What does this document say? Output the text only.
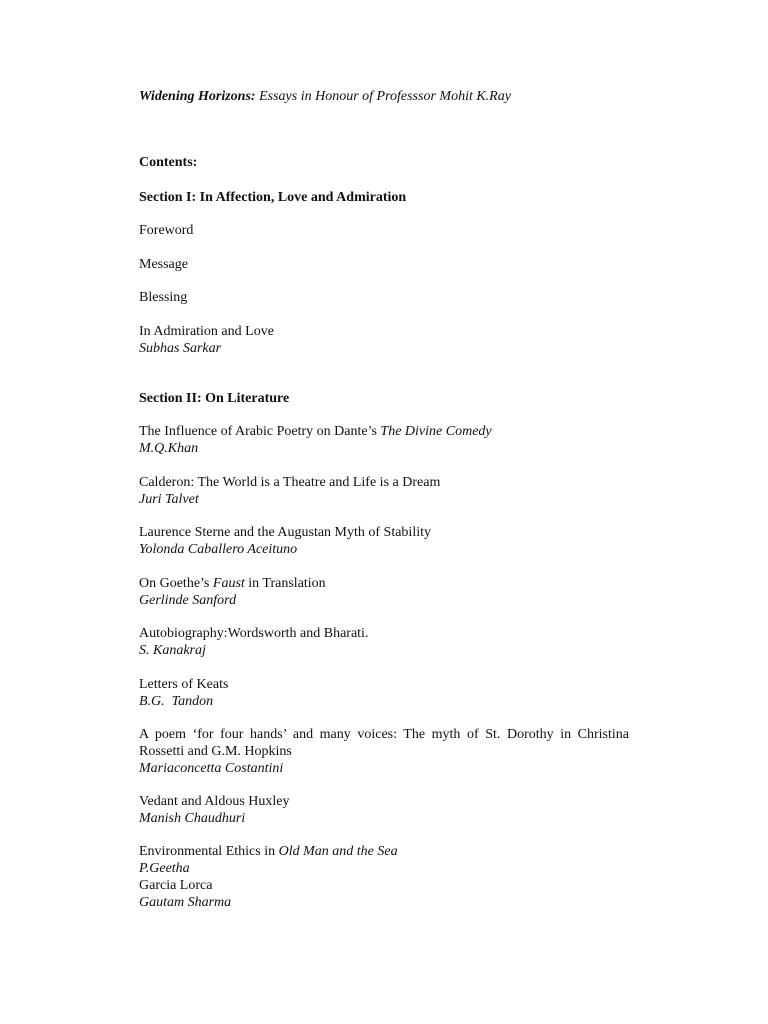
Widening Horizons: Essays in Honour of Professsor Mohit K.Ray
Contents:
Section I: In Affection, Love and Admiration
Foreword
Message
Blessing
In Admiration and Love
Subhas Sarkar
Section II: On Literature
The Influence of Arabic Poetry on Dante’s The Divine Comedy
M.Q.Khan
Calderon: The World is a Theatre and Life is a Dream
Juri Talvet
Laurence Sterne and the Augustan Myth of Stability
Yolonda Caballero Aceituno
On Goethe’s Faust in Translation
Gerlinde Sanford
Autobiography:Wordsworth and Bharati.
S. Kanakraj
Letters of Keats
B.G.  Tandon
A poem ‘for four hands’ and many voices: The myth of St. Dorothy in Christina Rossetti and G.M. Hopkins
Mariaconcetta Costantini
Vedant and Aldous Huxley
Manish Chaudhuri
Environmental Ethics in Old Man and the Sea
P.Geetha
Garcia Lorca
Gautam Sharma
